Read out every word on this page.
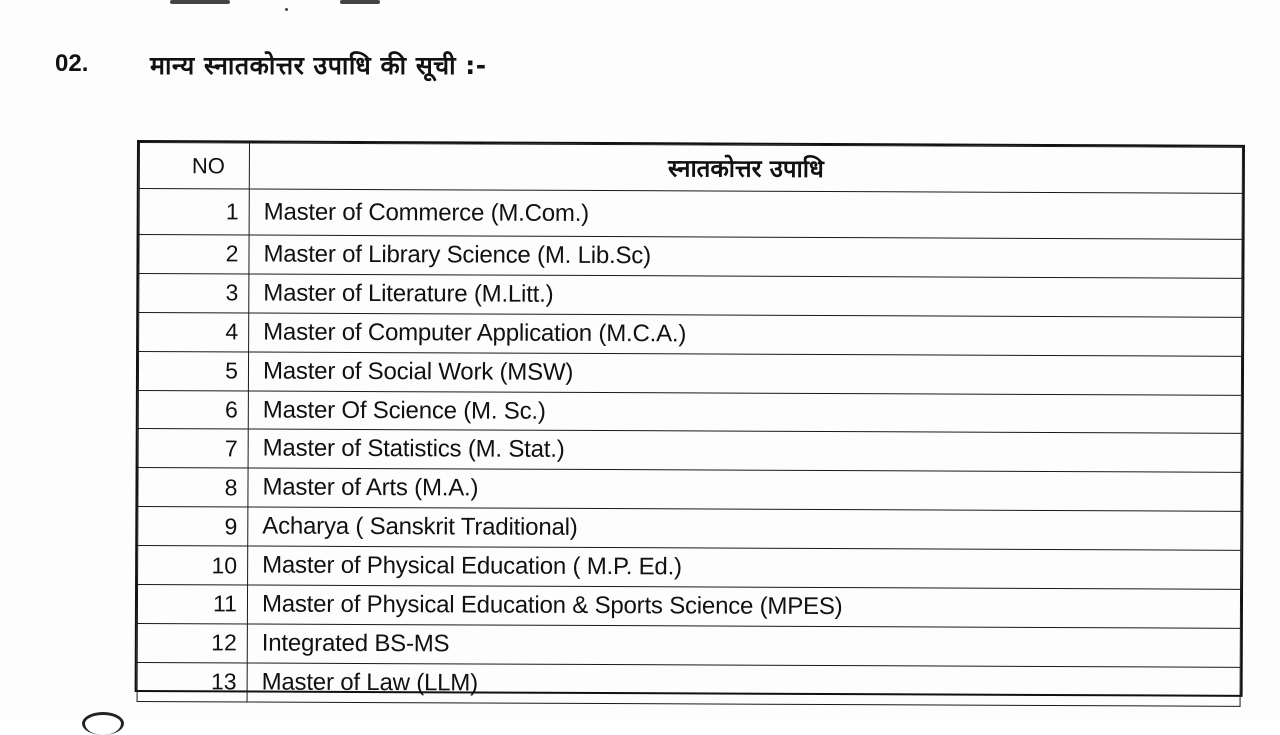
02. मान्य स्नातकोत्तर उपाधि की सूची :-
NO	स्नातकोत्तर उपाधि
1	Master of Commerce (M.Com.)
2	Master of Library Science (M. Lib.Sc)
3	Master of Literature (M.Litt.)
4	Master of Computer Application (M.C.A.)
5	Master of Social Work (MSW)
6	Master Of Science (M. Sc.)
7	Master of Statistics (M. Stat.)
8	Master of Arts (M.A.)
9	Acharya ( Sanskrit Traditional)
10	Master of Physical Education ( M.P. Ed.)
11	Master of Physical Education & Sports Science (MPES)
12	Integrated BS-MS
13	Master of Law (LLM)
